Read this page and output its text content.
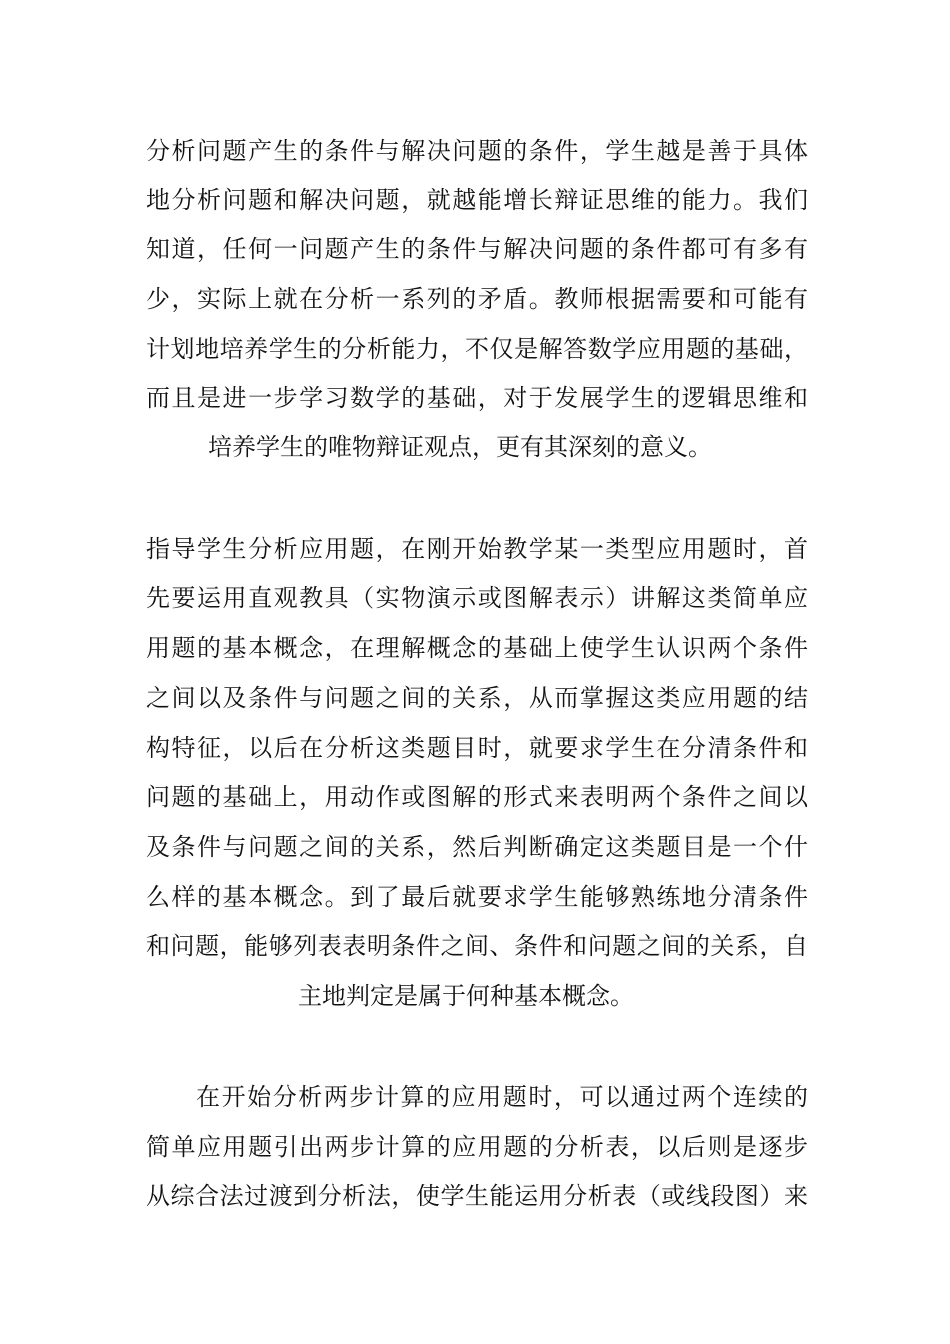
分析问题产生的条件与解决问题的条件，学生越是善于具体
地分析问题和解决问题，就越能增长辩证思维的能力。我们
知道，任何一问题产生的条件与解决问题的条件都可有多有
少，实际上就在分析一系列的矛盾。教师根据需要和可能有
计划地培养学生的分析能力，不仅是解答数学应用题的基础，
而且是进一步学习数学的基础，对于发展学生的逻辑思维和
培养学生的唯物辩证观点，更有其深刻的意义。
指导学生分析应用题，在刚开始教学某一类型应用题时，首
先要运用直观教具（实物演示或图解表示）讲解这类简单应
用题的基本概念，在理解概念的基础上使学生认识两个条件
之间以及条件与问题之间的关系，从而掌握这类应用题的结
构特征，以后在分析这类题目时，就要求学生在分清条件和
问题的基础上，用动作或图解的形式来表明两个条件之间以
及条件与问题之间的关系，然后判断确定这类题目是一个什
么样的基本概念。到了最后就要求学生能够熟练地分清条件
和问题，能够列表表明条件之间、条件和问题之间的关系，自
主地判定是属于何种基本概念。
在开始分析两步计算的应用题时，可以通过两个连续的
简单应用题引出两步计算的应用题的分析表，以后则是逐步
从综合法过渡到分析法，使学生能运用分析表（或线段图）来
